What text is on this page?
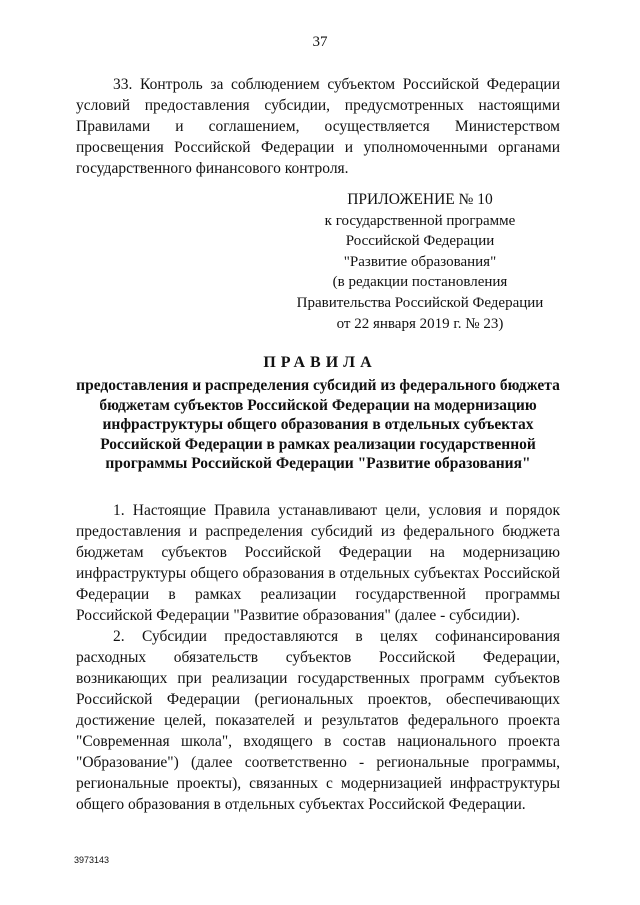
37
33. Контроль за соблюдением субъектом Российской Федерации условий предоставления субсидии, предусмотренных настоящими Правилами и соглашением, осуществляется Министерством просвещения Российской Федерации и уполномоченными органами государственного финансового контроля.
ПРИЛОЖЕНИЕ № 10
к государственной программе
Российской Федерации
"Развитие образования"
(в редакции постановления
Правительства Российской Федерации
от 22 января 2019 г. № 23)
ПРАВИЛА
предоставления и распределения субсидий из федерального бюджета
бюджетам субъектов Российской Федерации на модернизацию
инфраструктуры общего образования в отдельных субъектах
Российской Федерации в рамках реализации государственной
программы Российской Федерации "Развитие образования"
1. Настоящие Правила устанавливают цели, условия и порядок предоставления и распределения субсидий из федерального бюджета бюджетам субъектов Российской Федерации на модернизацию инфраструктуры общего образования в отдельных субъектах Российской Федерации в рамках реализации государственной программы Российской Федерации "Развитие образования" (далее - субсидии).
2. Субсидии предоставляются в целях софинансирования расходных обязательств субъектов Российской Федерации, возникающих при реализации государственных программ субъектов Российской Федерации (региональных проектов, обеспечивающих достижение целей, показателей и результатов федерального проекта "Современная школа", входящего в состав национального проекта "Образование") (далее соответственно - региональные программы, региональные проекты), связанных с модернизацией инфраструктуры общего образования в отдельных субъектах Российской Федерации.
3973143
